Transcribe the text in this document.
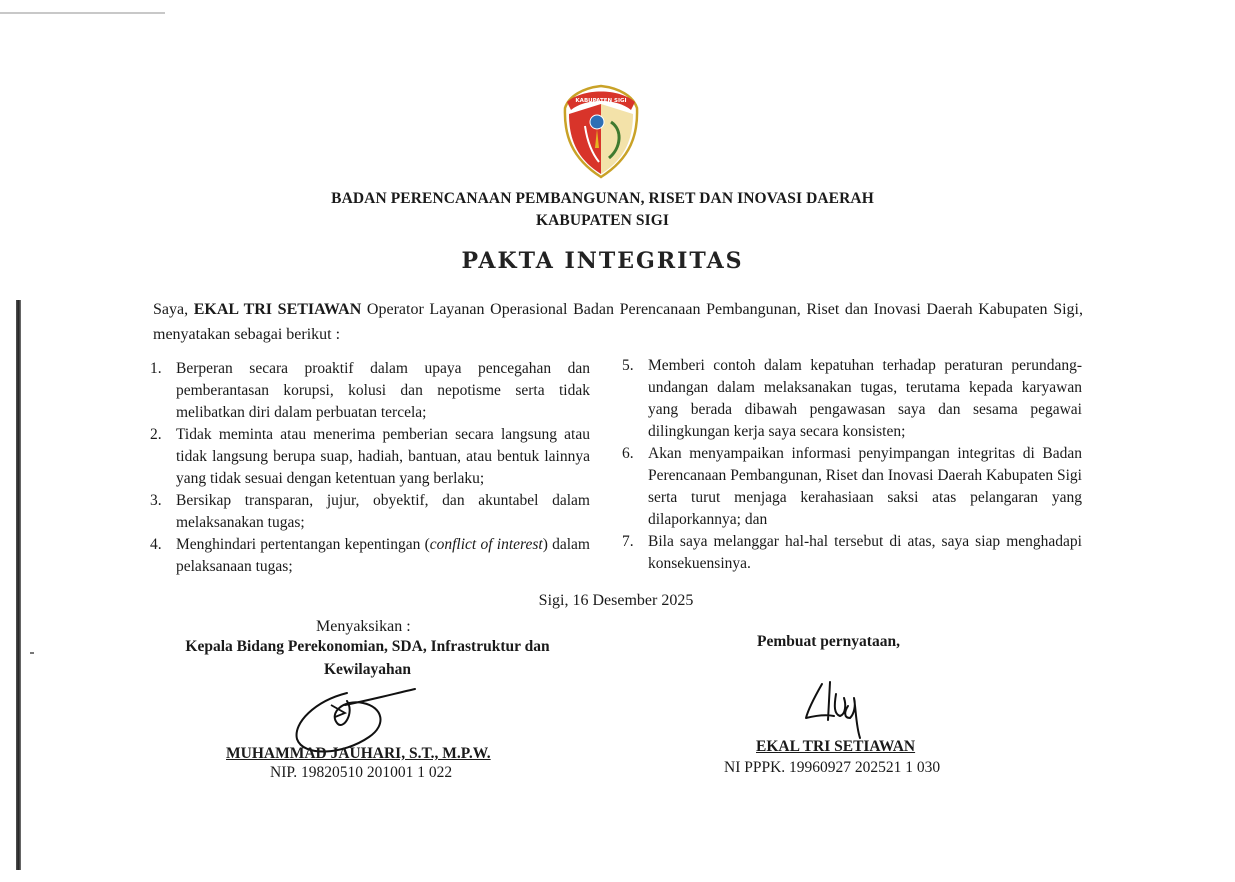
KABUPATEN SIGI
BADAN PERENCANAAN PEMBANGUNAN, RISET DAN INOVASI DAERAH
KABUPATEN SIGI
PAKTA INTEGRITAS
Saya, EKAL TRI SETIAWAN Operator Layanan Operasional Badan Perencanaan Pembangunan, Riset dan Inovasi Daerah Kabupaten Sigi, menyatakan sebagai berikut :
1. Berperan secara proaktif dalam upaya pencegahan dan pemberantasan korupsi, kolusi dan nepotisme serta tidak melibatkan diri dalam perbuatan tercela;
2. Tidak meminta atau menerima pemberian secara langsung atau tidak langsung berupa suap, hadiah, bantuan, atau bentuk lainnya yang tidak sesuai dengan ketentuan yang berlaku;
3. Bersikap transparan, jujur, obyektif, dan akuntabel dalam melaksanakan tugas;
4. Menghindari pertentangan kepentingan (conflict of interest) dalam pelaksanaan tugas;
5. Memberi contoh dalam kepatuhan terhadap peraturan perundang-undangan dalam melaksanakan tugas, terutama kepada karyawan yang berada dibawah pengawasan saya dan sesama pegawai dilingkungan kerja saya secara konsisten;
6. Akan menyampaikan informasi penyimpangan integritas di Badan Perencanaan Pembangunan, Riset dan Inovasi Daerah Kabupaten Sigi serta turut menjaga kerahasiaan saksi atas pelangaran yang dilaporkannya; dan
7. Bila saya melanggar hal-hal tersebut di atas, saya siap menghadapi konsekuensinya.
Sigi, 16 Desember 2025
Menyaksikan :
Kepala Bidang Perekonomian, SDA, Infrastruktur dan Kewilayahan
Pembuat pernyataan,
MUHAMMAD JAUHARI, S.T., M.P.W.
NIP. 19820510 201001 1 022
EKAL TRI SETIAWAN
NI PPPK. 19960927 202521 1 030
